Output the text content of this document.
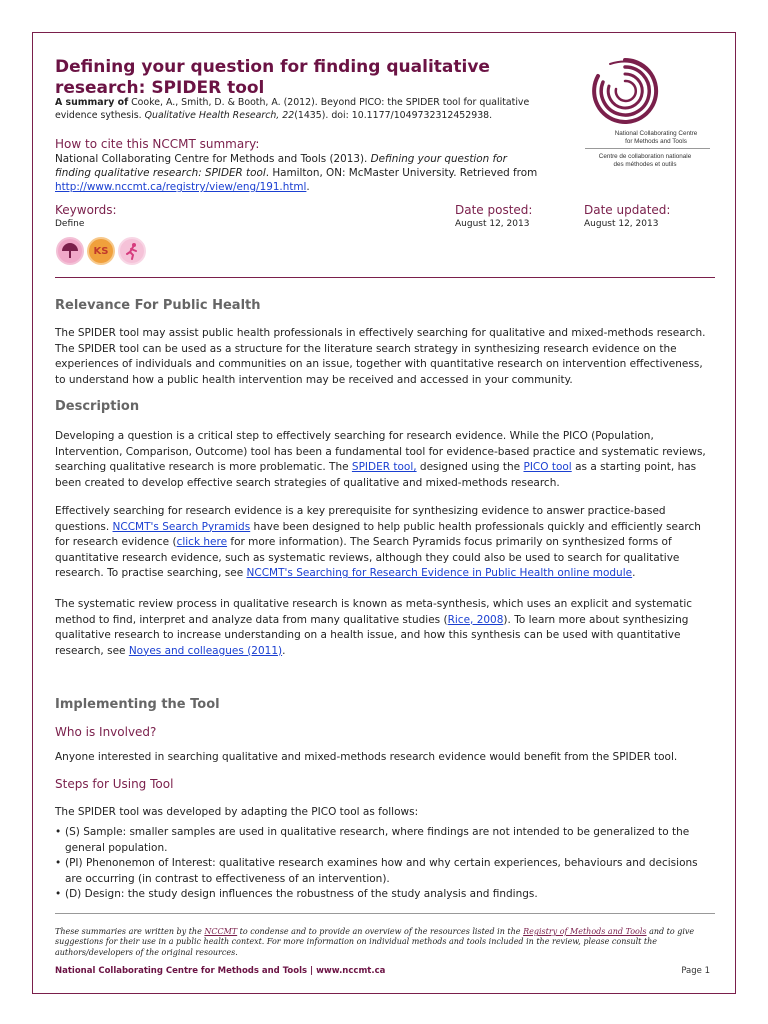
Defining your question for finding qualitative research: SPIDER tool
A summary of Cooke, A., Smith, D. & Booth, A. (2012). Beyond PICO: the SPIDER tool for qualitative evidence sythesis. Qualitative Health Research, 22(1435). doi: 10.1177/1049732312452938.
How to cite this NCCMT summary:
National Collaborating Centre for Methods and Tools (2013). Defining your question for finding qualitative research: SPIDER tool. Hamilton, ON: McMaster University. Retrieved from http://www.nccmt.ca/registry/view/eng/191.html.
Keywords:
Define
Date posted:
August 12, 2013
Date updated:
August 12, 2013
National Collaborating Centre
for Methods and Tools
Centre de collaboration nationale
des méthodes et outils
KS
Relevance For Public Health
The SPIDER tool may assist public health professionals in effectively searching for qualitative and mixed-methods research. The SPIDER tool can be used as a structure for the literature search strategy in synthesizing research evidence on the experiences of individuals and communities on an issue, together with quantitative research on intervention effectiveness, to understand how a public health intervention may be received and accessed in your community.
Description
Developing a question is a critical step to effectively searching for research evidence. While the PICO (Population, Intervention, Comparison, Outcome) tool has been a fundamental tool for evidence-based practice and systematic reviews, searching qualitative research is more problematic. The SPIDER tool, designed using the PICO tool as a starting point, has been created to develop effective search strategies of qualitative and mixed-methods research.
Effectively searching for research evidence is a key prerequisite for synthesizing evidence to answer practice-based questions. NCCMT's Search Pyramids have been designed to help public health professionals quickly and efficiently search for research evidence (click here for more information). The Search Pyramids focus primarily on synthesized forms of quantitative research evidence, such as systematic reviews, although they could also be used to search for qualitative research. To practise searching, see NCCMT's Searching for Research Evidence in Public Health online module.
The systematic review process in qualitative research is known as meta-synthesis, which uses an explicit and systematic method to find, interpret and analyze data from many qualitative studies (Rice, 2008). To learn more about synthesizing qualitative research to increase understanding on a health issue, and how this synthesis can be used with quantitative research, see Noyes and colleagues (2011).
Implementing the Tool
Who is Involved?
Anyone interested in searching qualitative and mixed-methods research evidence would benefit from the SPIDER tool.
Steps for Using Tool
The SPIDER tool was developed by adapting the PICO tool as follows:
• (S) Sample: smaller samples are used in qualitative research, where findings are not intended to be generalized to the general population.
• (PI) Phenonemon of Interest: qualitative research examines how and why certain experiences, behaviours and decisions are occurring (in contrast to effectiveness of an intervention).
• (D) Design: the study design influences the robustness of the study analysis and findings.
These summaries are written by the NCCMT to condense and to provide an overview of the resources listed in the Registry of Methods and Tools and to give suggestions for their use in a public health context. For more information on individual methods and tools included in the review, please consult the authors/developers of the original resources.
National Collaborating Centre for Methods and Tools | www.nccmt.ca	Page 1
